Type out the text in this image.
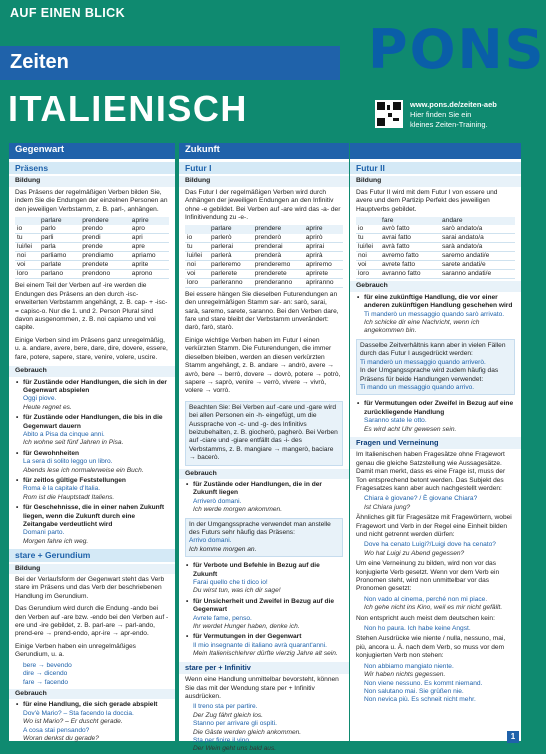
AUF EINEN BLICK
Zeiten
ITALIENISCH
PONS
www.pons.de/zeiten-aeb
Hier finden Sie ein
kleines Zeiten-Training.
Gegenwart
Präsens
Bildung
Das Präsens der regelmäßigen Verben bilden Sie, indem Sie die Endungen der einzelnen Personen an den jeweiligen Verbstamm, z. B. parl-, anhängen.
	parlare	prendere	aprire
io	parlo	prendo	apro
tu	parli	prendi	apri
lui/lei	parla	prende	apre
noi	parliamo	prendiamo	apriamo
voi	parlate	prendete	aprite
loro	parlano	prendono	aprono
Bei einem Teil der Verben auf -ire werden die Endungen des Präsens an den durch -isc- erweiterten Verbstamm angehängt, z. B. cap- + -isc- = capisc-o. Nur die 1. und 2. Person Plural sind davon ausgenommen, z. B. noi capiamo und voi capite.
Einige Verben sind im Präsens ganz unregelmäßig, u. a. andare, avere, bere, dare, dire, dovere, essere, fare, potere, sapere, stare, venire, volere, uscire.
Gebrauch
• für Zustände oder Handlungen, die sich in der Gegenwart abspielen
Oggi piove.
Heute regnet es.
• für Zustände oder Handlungen, die bis in die Gegenwart dauern
Abito a Pisa da cinque anni.
Ich wohne seit fünf Jahren in Pisa.
• für Gewohnheiten
La sera di solito leggo un libro.
Abends lese ich normalerweise ein Buch.
• für zeitlos gültige Feststellungen
Roma è la capitale d'Italia.
Rom ist die Hauptstadt Italiens.
• für Geschehnisse, die in einer nahen Zukunft liegen, wenn die Zukunft durch eine Zeitangabe verdeutlicht wird
Domani parto.
Morgen fahre ich weg.
stare + Gerundium
Bildung
Bei der Verlaufsform der Gegenwart steht das Verb stare im Präsens und das Verb der beschriebenen Handlung im Gerundium.
Das Gerundium wird durch die Endung -ando bei den Verben auf -are bzw. -endo bei den Verben auf -ere und -ire gebildet, z. B. parl-are → parl-ando, prend-ere → prend-endo, apr-ire → apr-endo.
Einige Verben haben ein unregelmäßiges Gerundium, u. a.
bere → bevendo
dire → dicendo
fare → facendo
Gebrauch
• für eine Handlung, die sich gerade abspielt
Dov'è Mario? – Sta facendo la doccia.
Wo ist Mario? – Er duscht gerade.
A cosa stai pensando?
Woran denkst du gerade?
Zukunft
Futur I
Bildung
Das Futur I der regelmäßigen Verben wird durch Anhängen der jeweiligen Endungen an den Infinitiv ohne -e gebildet. Bei Verben auf -are wird das -a- der Infinitivendung zu -e-.
	parlare	prendere	aprire
io	parlerò	prenderò	aprirò
tu	parlerai	prenderai	aprirai
lui/lei	parlerà	prenderà	aprirà
noi	parleremo	prenderemo	apriremo
voi	parlerete	prenderete	aprirete
loro	parleranno	prenderanno	apriranno
Bei essere hängen Sie dieselben Futurendungen an den unregelmäßigen Stamm sar- an: sarò, sarai, sarà, saremo, sarete, saranno. Bei den Verben dare, fare und stare bleibt der Verbstamm unverändert: darò, farò, starò.
Einige wichtige Verben haben im Futur I einen verkürzten Stamm. Die Futurendungen, die immer dieselben bleiben, werden an diesen verkürzten Stamm angehängt, z. B. andare → andrò, avere → avrò, bere → berrò, dovere → dovrò, potere → potrò, sapere → saprò, venire → verrò, vivere → vivrò, volere → vorrò.
Beachten Sie: Bei Verben auf -care und -gare wird bei allen Personen ein -h- eingefügt, um die Aussprache von -c- und -g- des Infinitivs beizubehalten, z. B. giocherò, pagherò. Bei Verben auf -ciare und -giare entfällt das -i- des Verbstamms, z. B. mangiare → mangerò, baciare → bacerò.
Gebrauch
• für Zustände oder Handlungen, die in der Zukunft liegen
Arriverò domani.
Ich werde morgen ankommen.
In der Umgangssprache verwendet man anstelle des Futurs sehr häufig das Präsens:
Arrivo domani.
Ich komme morgen an.
• für Verbote und Befehle in Bezug auf die Zukunft
Farai quello che ti dico io!
Du wirst tun, was ich dir sage!
• für Unsicherheit und Zweifel in Bezug auf die Gegenwart
Avrete fame, penso.
Ihr werdet Hunger haben, denke ich.
• für Vermutungen in der Gegenwart
Il mio insegnante di italiano avrà quarant'anni.
Mein Italienischlehrer dürfte vierzig Jahre alt sein.
stare per + Infinitiv
Wenn eine Handlung unmittelbar bevorsteht, können Sie das mit der Wendung stare per + Infinitiv ausdrücken.
Il treno sta per partire.
Der Zug fährt gleich los.
Stanno per arrivare gli ospiti.
Die Gäste werden gleich ankommen.
Sta per finire il vino.
Der Wein geht uns bald aus.
Futur II
Bildung
Das Futur II wird mit dem Futur I von essere und avere und dem Partizip Perfekt des jeweiligen Hauptverbs gebildet.
	fare	andare
io	avrò fatto	sarò andato/a
tu	avrai fatto	sarai andato/a
lui/lei	avrà fatto	sarà andato/a
noi	avremo fatto	saremo andati/e
voi	avrete fatto	sarete andati/e
loro	avranno fatto	saranno andati/e
Gebrauch
• für eine zukünftige Handlung, die vor einer anderen zukünftigen Handlung geschehen wird
Ti manderò un messaggio quando sarò arrivato.
Ich schicke dir eine Nachricht, wenn ich angekommen bin.
Dasselbe Zeitverhältnis kann aber in vielen Fällen durch das Futur I ausgedrückt werden:
Ti manderò un messaggio quando arriverò.
In der Umgangssprache wird zudem häufig das Präsens für beide Handlungen verwendet:
Ti mando un messaggio quando arrivo.
• für Vermutungen oder Zweifel in Bezug auf eine zurückliegende Handlung
Saranno state le otto.
Es wird acht Uhr gewesen sein.
Fragen und Verneinung
Im Italienischen haben Fragesätze ohne Fragewort genau die gleiche Satzstellung wie Aussagesätze. Damit man merkt, dass es eine Frage ist, muss der Ton entsprechend betont werden. Das Subjekt des Fragesatzes kann aber auch nachgestellt werden:
Chiara è giovane? / È giovane Chiara?
Ist Chiara jung?
Ähnliches gilt für Fragesätze mit Fragewörtern, wobei Fragewort und Verb in der Regel eine Einheit bilden und nicht getrennt werden dürfen:
Dove ha cenato Luigi?/Luigi dove ha cenato?
Wo hat Luigi zu Abend gegessen?
Um eine Verneinung zu bilden, wird non vor das konjugierte Verb gesetzt. Wenn vor dem Verb ein Pronomen steht, wird non unmittelbar vor das Pronomen gesetzt:
Non vado al cinema, perché non mi piace.
Ich gehe nicht ins Kino, weil es mir nicht gefällt.
Non entspricht auch meist dem deutschen kein:
Non ho paura. Ich habe keine Angst.
Stehen Ausdrücke wie niente / nulla, nessuno, mai, più, ancora u. Ä. nach dem Verb, so muss vor dem konjugierten Verb non stehen:
Non abbiamo mangiato niente.
Wir haben nichts gegessen.
Non viene nessuno. Es kommt niemand.
Non salutano mai. Sie grüßen nie.
Non nevica più. Es schneit nicht mehr.
1
